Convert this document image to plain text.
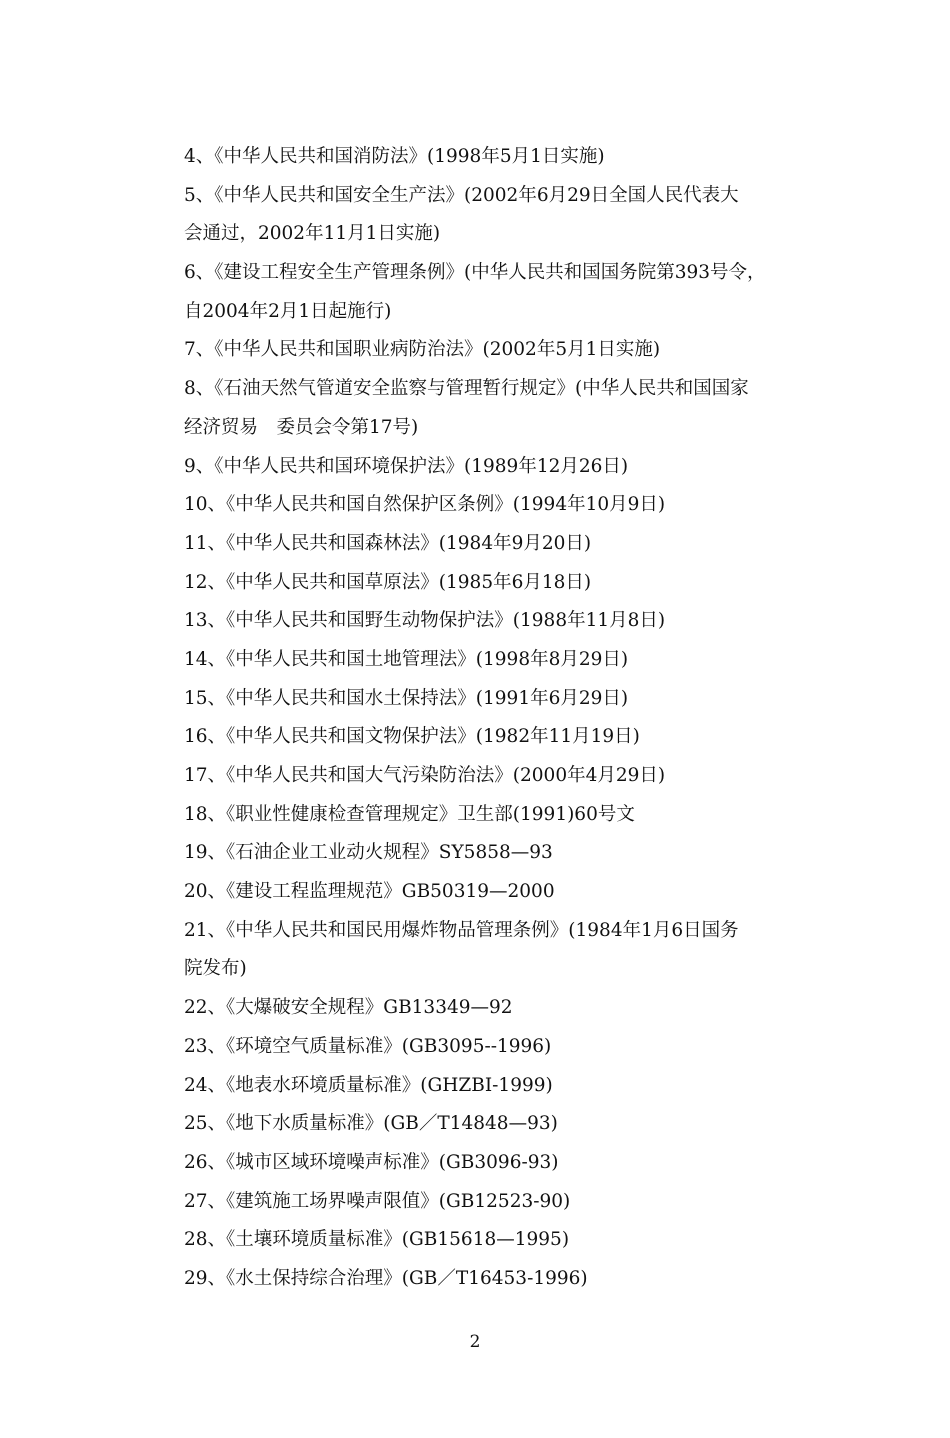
4、《中华人民共和国消防法》(1998年5月1日实施)
5、《中华人民共和国安全生产法》(2002年6月29日全国人民代表大
会通过，2002年11月1日实施)
6、《建设工程安全生产管理条例》(中华人民共和国国务院第393号令，
自2004年2月1日起施行)
7、《中华人民共和国职业病防治法》(2002年5月1日实施)
8、《石油天然气管道安全监察与管理暂行规定》(中华人民共和国国家
经济贸易　委员会令第17号)
9、《中华人民共和国环境保护法》(1989年12月26日)
10、《中华人民共和国自然保护区条例》(1994年10月9日)
11、《中华人民共和国森林法》(1984年9月20日)
12、《中华人民共和国草原法》(1985年6月18日)
13、《中华人民共和国野生动物保护法》(1988年11月8日)
14、《中华人民共和国土地管理法》(1998年8月29日)
15、《中华人民共和国水土保持法》(1991年6月29日)
16、《中华人民共和国文物保护法》(1982年11月19日)
17、《中华人民共和国大气污染防治法》(2000年4月29日)
18、《职业性健康检查管理规定》卫生部(1991)60号文
19、《石油企业工业动火规程》SY5858—93
20、《建设工程监理规范》GB50319—2000
21、《中华人民共和国民用爆炸物品管理条例》(1984年1月6日国务
院发布)
22、《大爆破安全规程》GB13349—92
23、《环境空气质量标准》(GB3095--1996)
24、《地表水环境质量标准》(GHZBI-1999)
25、《地下水质量标准》(GB／T14848—93)
26、《城市区域环境噪声标准》(GB3096-93)
27、《建筑施工场界噪声限值》(GB12523-90)
28、《土壤环境质量标准》(GB15618—1995)
29、《水土保持综合治理》(GB／T16453-1996)
2
